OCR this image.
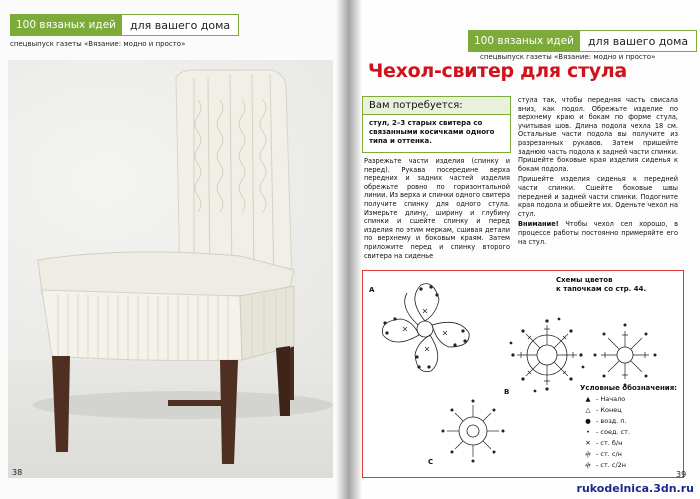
100 вязаных идей	для вашего дома
спецвыпуск газеты «Вязание: модно и просто»
38
100 вязаных идей	для вашего дома
спецвыпуск газеты «Вязание: модно и просто»
Чехол-свитер для стула
Вам потребуется:
стул, 2–3 старых свитера со связанными косичками одного типа и оттенка.

Разрежьте части изделия (спинку и перед). Рукава посередине верха передних и задних частей изделия обрежьте ровно по горизонтальной линии. Из верха и спинки одного свитера получите спинку для одного стула. Измерьте длину, ширину и глубину спинки и сшейте спинку и перед изделия по этим меркам, сшивая детали по верхнему и боковым краям. Затем приложите перед и спинку второго свитера на сиденье

стула так, чтобы передняя часть свисала вниз, как подол. Обрежьте изделие по верхнему краю и бокам по форме стула, учитывая шов. Длина подола чехла 18 см. Остальные части подола вы получите из разрезанных рукавов. Затем пришейте заднюю часть подола к задней части спинки. Пришейте боковые края изделия сиденья к бокам подола.

Пришейте изделия сиденья к передней части спинки. Сшейте боковые швы передней и задней части спинки. Подогните края подола и обшейте их. Оденьте чехол на стул.

Внимание! Чтобы чехол сел хорошо, в процессе работы постоянно примеряйте его на стул.

Схемы цветов
к тапочкам со стр. 44.
A
B
C
Условные обозначения:
▲ - Начало
△ - Конец
● - возд. п.
• - соед. ст.
✕ - ст. б/н
ⴕ - ст. с/н
ⴕ - ст. с/2н
39
rukodelnica.3dn.ru
